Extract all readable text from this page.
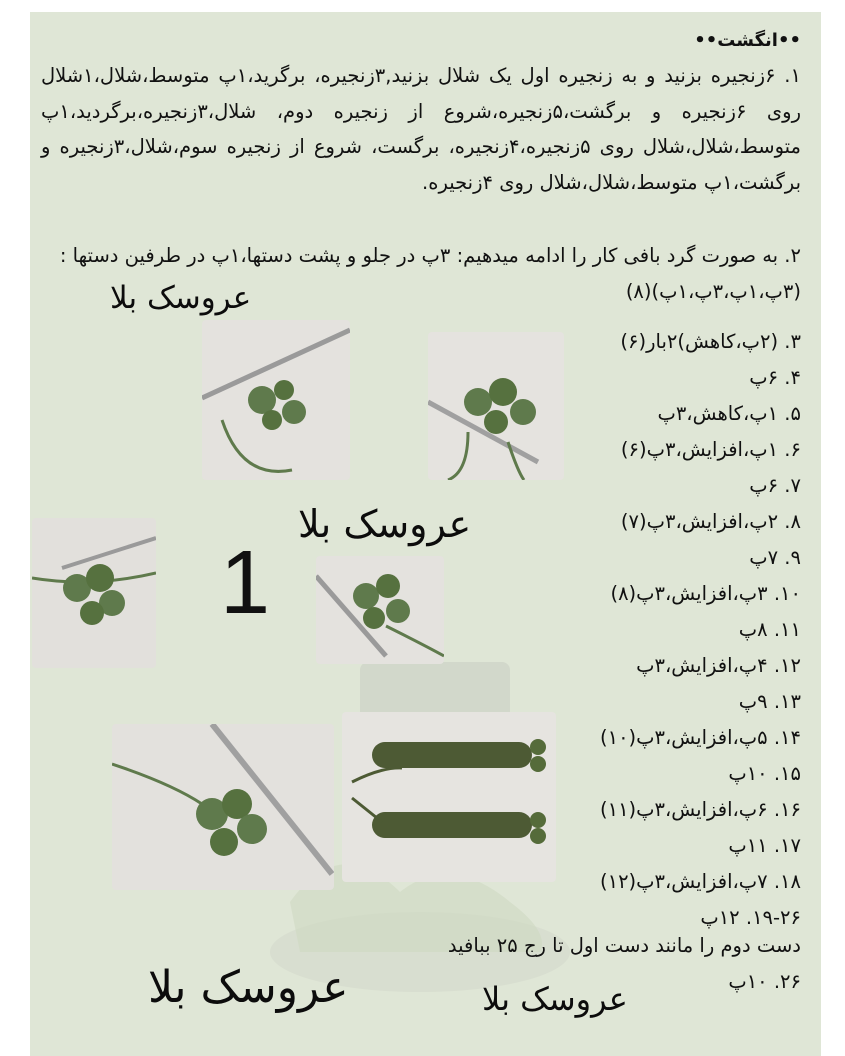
••انگشت••
۱. ۶زنجیره بزنید و به زنجیره اول یک شلال بزنید,۳زنجیره، برگرید،۱پ متوسط،شلال،۱شلال روی ۶زنجیره و برگشت،۵زنجیره،شروع از زنجیره دوم، شلال،۳زنجیره،برگردید،۱پ متوسط،شلال،شلال روی ۵زنجیره،۴زنجیره، برگست، شروع از زنجیره سوم،شلال،۳زنجیره و برگشت،۱پ متوسط،شلال،شلال روی ۴زنجیره.
۲. به صورت گرد بافی کار را ادامه میدهیم: ۳پ در جلو و پشت دستها،۱پ در طرفین دستها :(۳پ،۱پ،۳پ،۱پ)(۸)
۳. (۲پ،کاهش)۲بار(۶)
۴. ۶پ
۵. ۱پ،کاهش،۳پ
۶. ۱پ،افزایش،۳پ(۶)
۷. ۶پ
۸. ۲پ،افزایش،۳پ(۷)
۹. ۷پ
۱۰. ۳پ،افزایش،۳پ(۸)
۱۱. ۸پ
۱۲. ۴پ،افزایش،۳پ
۱۳. ۹پ
۱۴. ۵پ،افزایش،۳پ(۱۰)
۱۵. ۱۰پ
۱۶. ۶پ،افزایش،۳پ(۱۱)
۱۷. ۱۱پ
۱۸. ۷پ،افزایش،۳پ(۱۲)
۱۹-۲۶. ۱۲پ
دست دوم را مانند دست اول تا رج ۲۵ ببافید
۲۶. ۱۰پ
عروسک بلا
عروسک بلا
عروسک بلا	عروسک بلا
1
